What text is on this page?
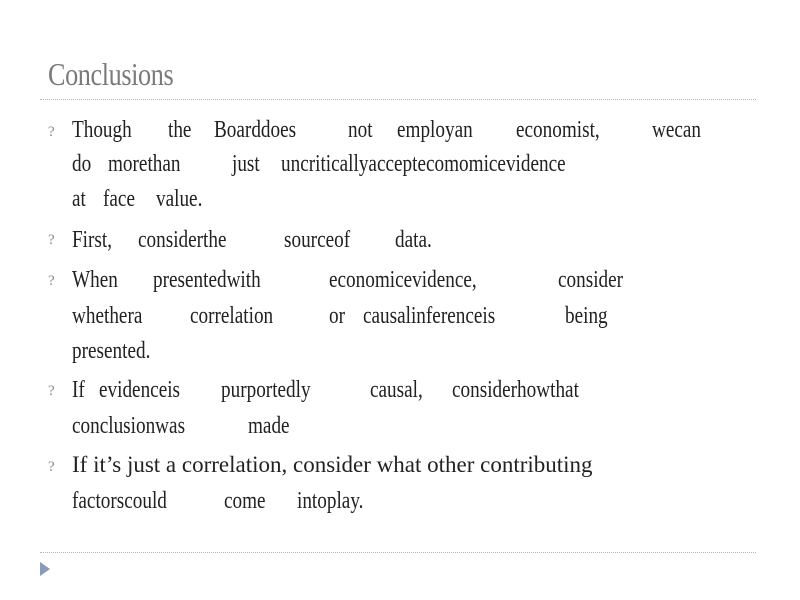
Conclusions
? Though the Boarddoes not employan economist, wecan
do morethan just uncriticallyacceptecomomicevidence
at face value.
? First, considerthe sourceof data.
? When presentedwith	economicevidence,	consider
whethera correlation or causalinferenceis	being
presented.
? If evidenceis purportedly causal, considerhowthat
conclusionwas	made
? If it’s just a correlation, consider what other contributing
factorscould come intoplay.
